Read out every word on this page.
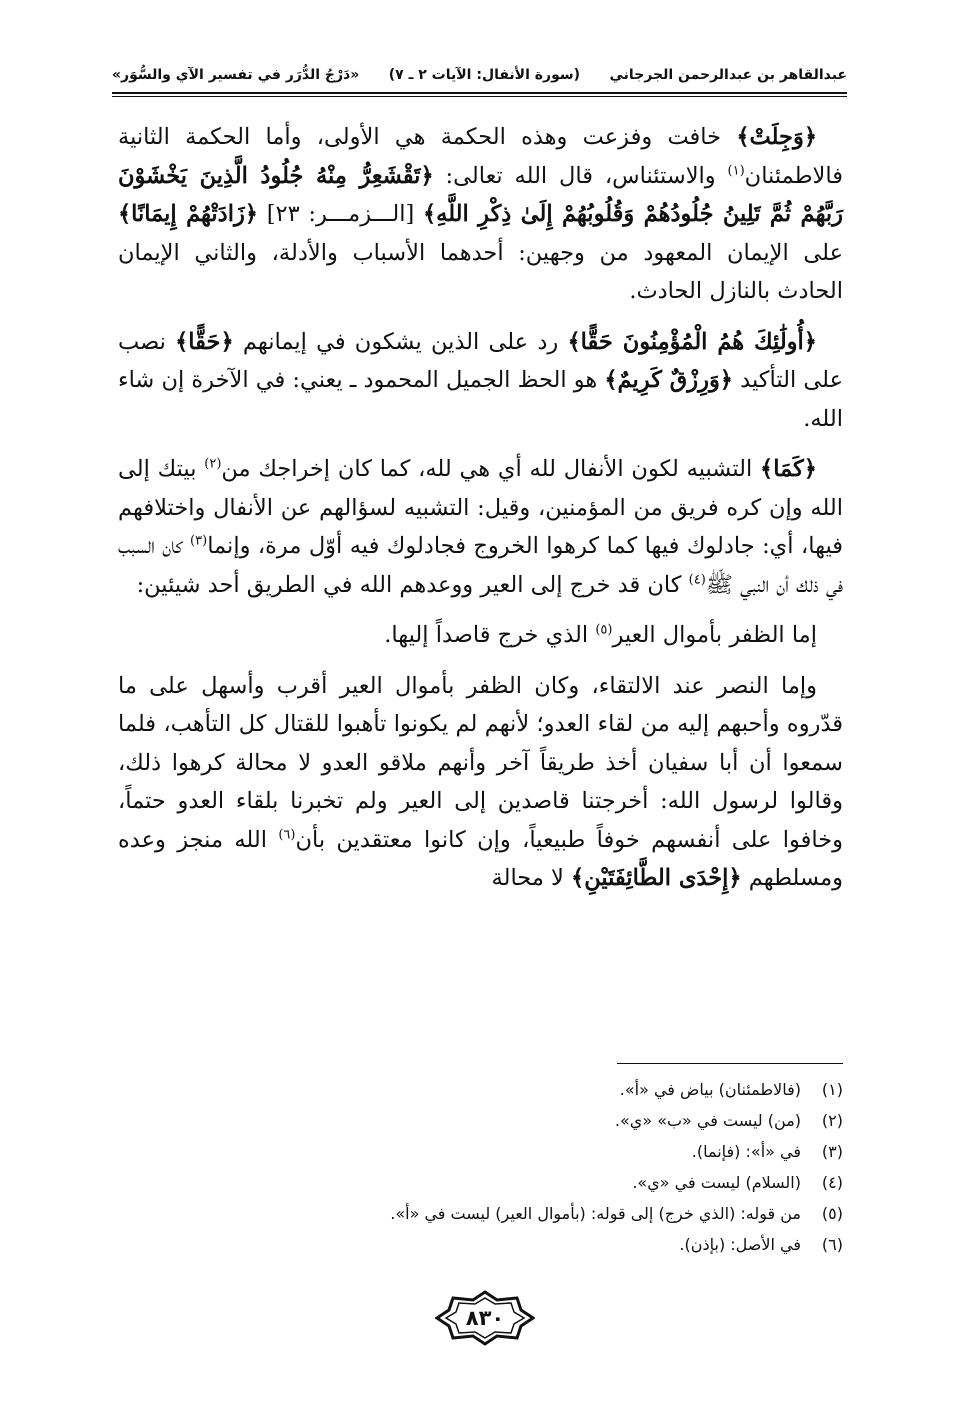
عبدالقاهر بن عبدالرحمن الجرجاني
(سورة الأنفال: الآيات ٢ ـ ٧)
«دَرْجُ الدُّرَر في تفسير الآي والسُّوَر»

﴿وَجِلَتْ﴾ خافت وفزعت وهذه الحكمة هي الأولى، وأما الحكمة الثانية فالاطمئنان$^{(١)}$ والاستئناس، قال الله تعالى: ﴿تَقْشَعِرُّ مِنْهُ جُلُودُ الَّذِينَ يَخْشَوْنَ رَبَّهُمْ ثُمَّ تَلِينُ جُلُودُهُمْ وَقُلُوبُهُمْ إِلَىٰ ذِكْرِ اللَّهِ﴾ [الـــزمـــر: ٢٣] ﴿زَادَتْهُمْ إِيمَانًا﴾ على الإيمان المعهود من وجهين: أحدهما الأسباب والأدلة، والثاني الإيمان الحادث بالنازل الحادث.

﴿أُولَٰئِكَ هُمُ الْمُؤْمِنُونَ حَقًّا﴾ رد على الذين يشكون في إيمانهم ﴿حَقًّا﴾ نصب على التأكيد ﴿وَرِزْقٌ كَرِيمٌ﴾ هو الحظ الجميل المحمود ـ يعني: في الآخرة إن شاء الله.

﴿كَمَا﴾ التشبيه لكون الأنفال لله أي هي لله، كما كان إخراجك من$^{(٢)}$ بيتك إلى الله وإن كره فريق من المؤمنين، وقيل: التشبيه لسؤالهم عن الأنفال واختلافهم فيها، أي: جادلوك فيها كما كرهوا الخروج فجادلوك فيه أوّل مرة، وإنما$^{(٣)}$ كان السبب في ذلك أن النبي ﷺ$^{(٤)}$ كان قد خرج إلى العير ووعدهم الله في الطريق أحد شيئين:

إما الظفر بأموال العير$^{(٥)}$ الذي خرج قاصداً إليها.

وإما النصر عند الالتقاء، وكان الظفر بأموال العير أقرب وأسهل على ما قدّروه وأحبهم إليه من لقاء العدو؛ لأنهم لم يكونوا تأهبوا للقتال كل التأهب، فلما سمعوا أن أبا سفيان أخذ طريقاً آخر وأنهم ملاقو العدو لا محالة كرهوا ذلك، وقالوا لرسول الله: أخرجتنا قاصدين إلى العير ولم تخبرنا بلقاء العدو حتماً، وخافوا على أنفسهم خوفاً طبيعياً، وإن كانوا معتقدين بأن$^{(٦)}$ الله منجز وعده ومسلطهم ﴿إِحْدَى الطَّائِفَتَيْنِ﴾ لا محالة

(١)
(فالاطمئنان) بياض في «أ».
(٢)
(من) ليست في «ب» «ي».
(٣)
في «أ»: (فإنما).
(٤)
(السلام) ليست في «ي».
(٥)
من قوله: (الذي خرج) إلى قوله: (بأموال العير) ليست في «أ».
(٦)
في الأصل: (بإذن).
٨٣٠
